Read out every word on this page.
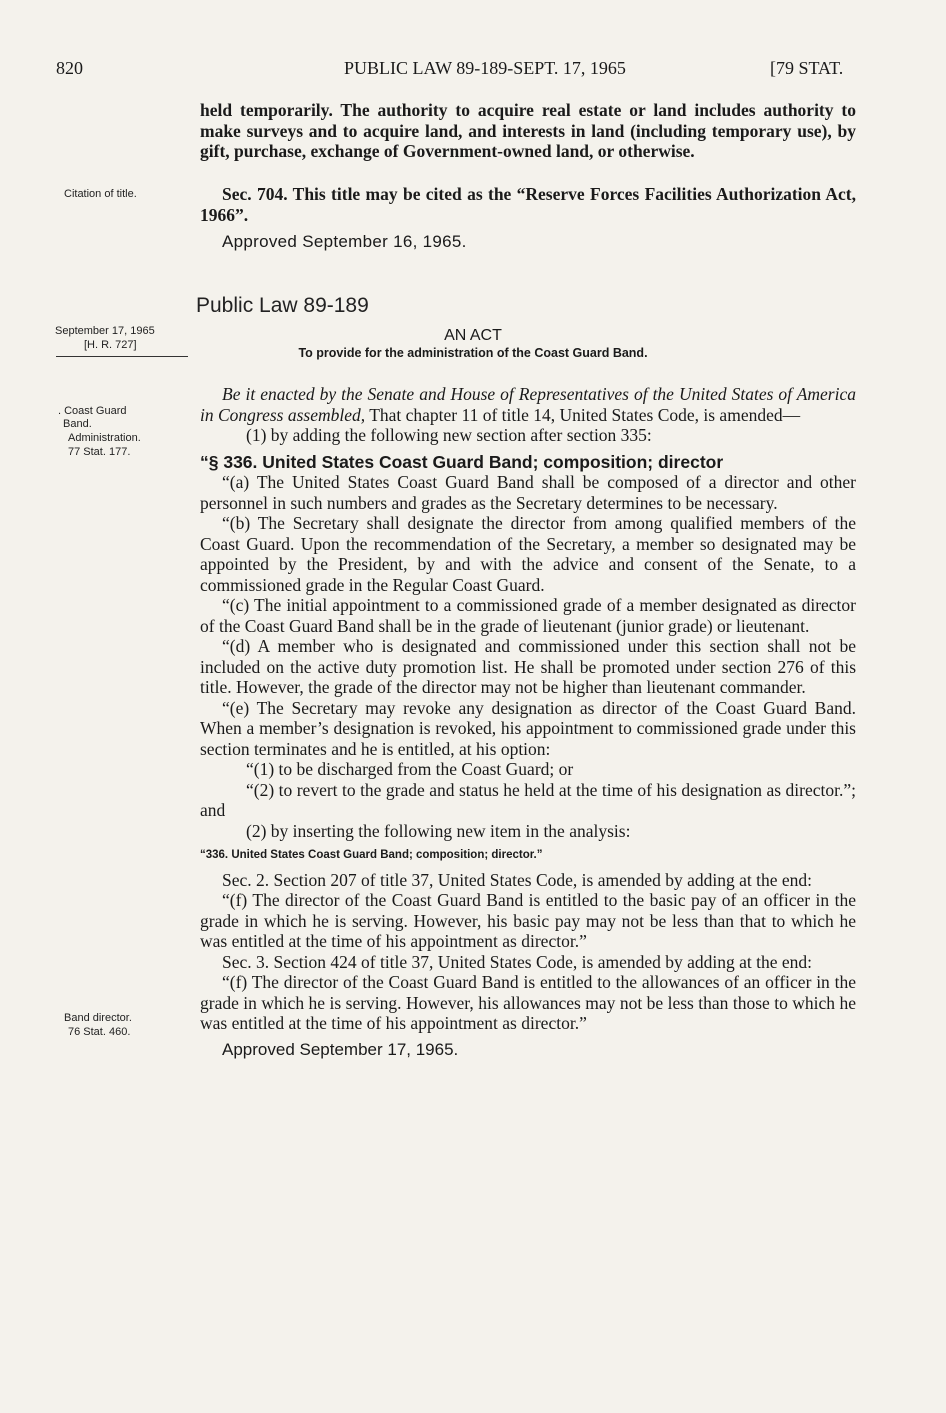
820	PUBLIC LAW 89-189-SEPT. 17, 1965	[79 STAT.
held temporarily. The authority to acquire real estate or land includes authority to make surveys and to acquire land, and interests in land (including temporary use), by gift, purchase, exchange of Government-owned land, or otherwise.
Citation of title.	Sec. 704. This title may be cited as the “Reserve Forces Facilities Authorization Act, 1966”.
Approved September 16, 1965.
Public Law 89-189
September 17, 1965
[H. R. 727]
AN ACT
To provide for the administration of the Coast Guard Band.
. Coast Guard
Band.
Administration.
77 Stat. 177.

Be it enacted by the Senate and House of Representatives of the United States of America in Congress assembled, That chapter 11 of title 14, United States Code, is amended—

(1) by adding the following new section after section 335:

“§ 336. United States Coast Guard Band; composition; director

“(a) The United States Coast Guard Band shall be composed of a director and other personnel in such numbers and grades as the Secretary determines to be necessary.

“(b) The Secretary shall designate the director from among qualified members of the Coast Guard. Upon the recommendation of the Secretary, a member so designated may be appointed by the President, by and with the advice and consent of the Senate, to a commissioned grade in the Regular Coast Guard.

“(c) The initial appointment to a commissioned grade of a member designated as director of the Coast Guard Band shall be in the grade of lieutenant (junior grade) or lieutenant.

“(d) A member who is designated and commissioned under this section shall not be included on the active duty promotion list. He shall be promoted under section 276 of this title. However, the grade of the director may not be higher than lieutenant commander.

“(e) The Secretary may revoke any designation as director of the Coast Guard Band. When a member’s designation is revoked, his appointment to commissioned grade under this section terminates and he is entitled, at his option:

“(1) to be discharged from the Coast Guard; or

“(2) to revert to the grade and status he held at the time of his designation as director.”; and

(2) by inserting the following new item in the analysis:

“336. United States Coast Guard Band; composition; director.”

Sec. 2. Section 207 of title 37, United States Code, is amended by adding at the end:

“(f) The director of the Coast Guard Band is entitled to the basic pay of an officer in the grade in which he is serving. However, his basic pay may not be less than that to which he was entitled at the time of his appointment as director.”

Sec. 3. Section 424 of title 37, United States Code, is amended by adding at the end:

“(f) The director of the Coast Guard Band is entitled to the allowances of an officer in the grade in which he is serving. However, his allowances may not be less than those to which he was entitled at the time of his appointment as director.”

Approved September 17, 1965.

Band director.
76 Stat. 460.
